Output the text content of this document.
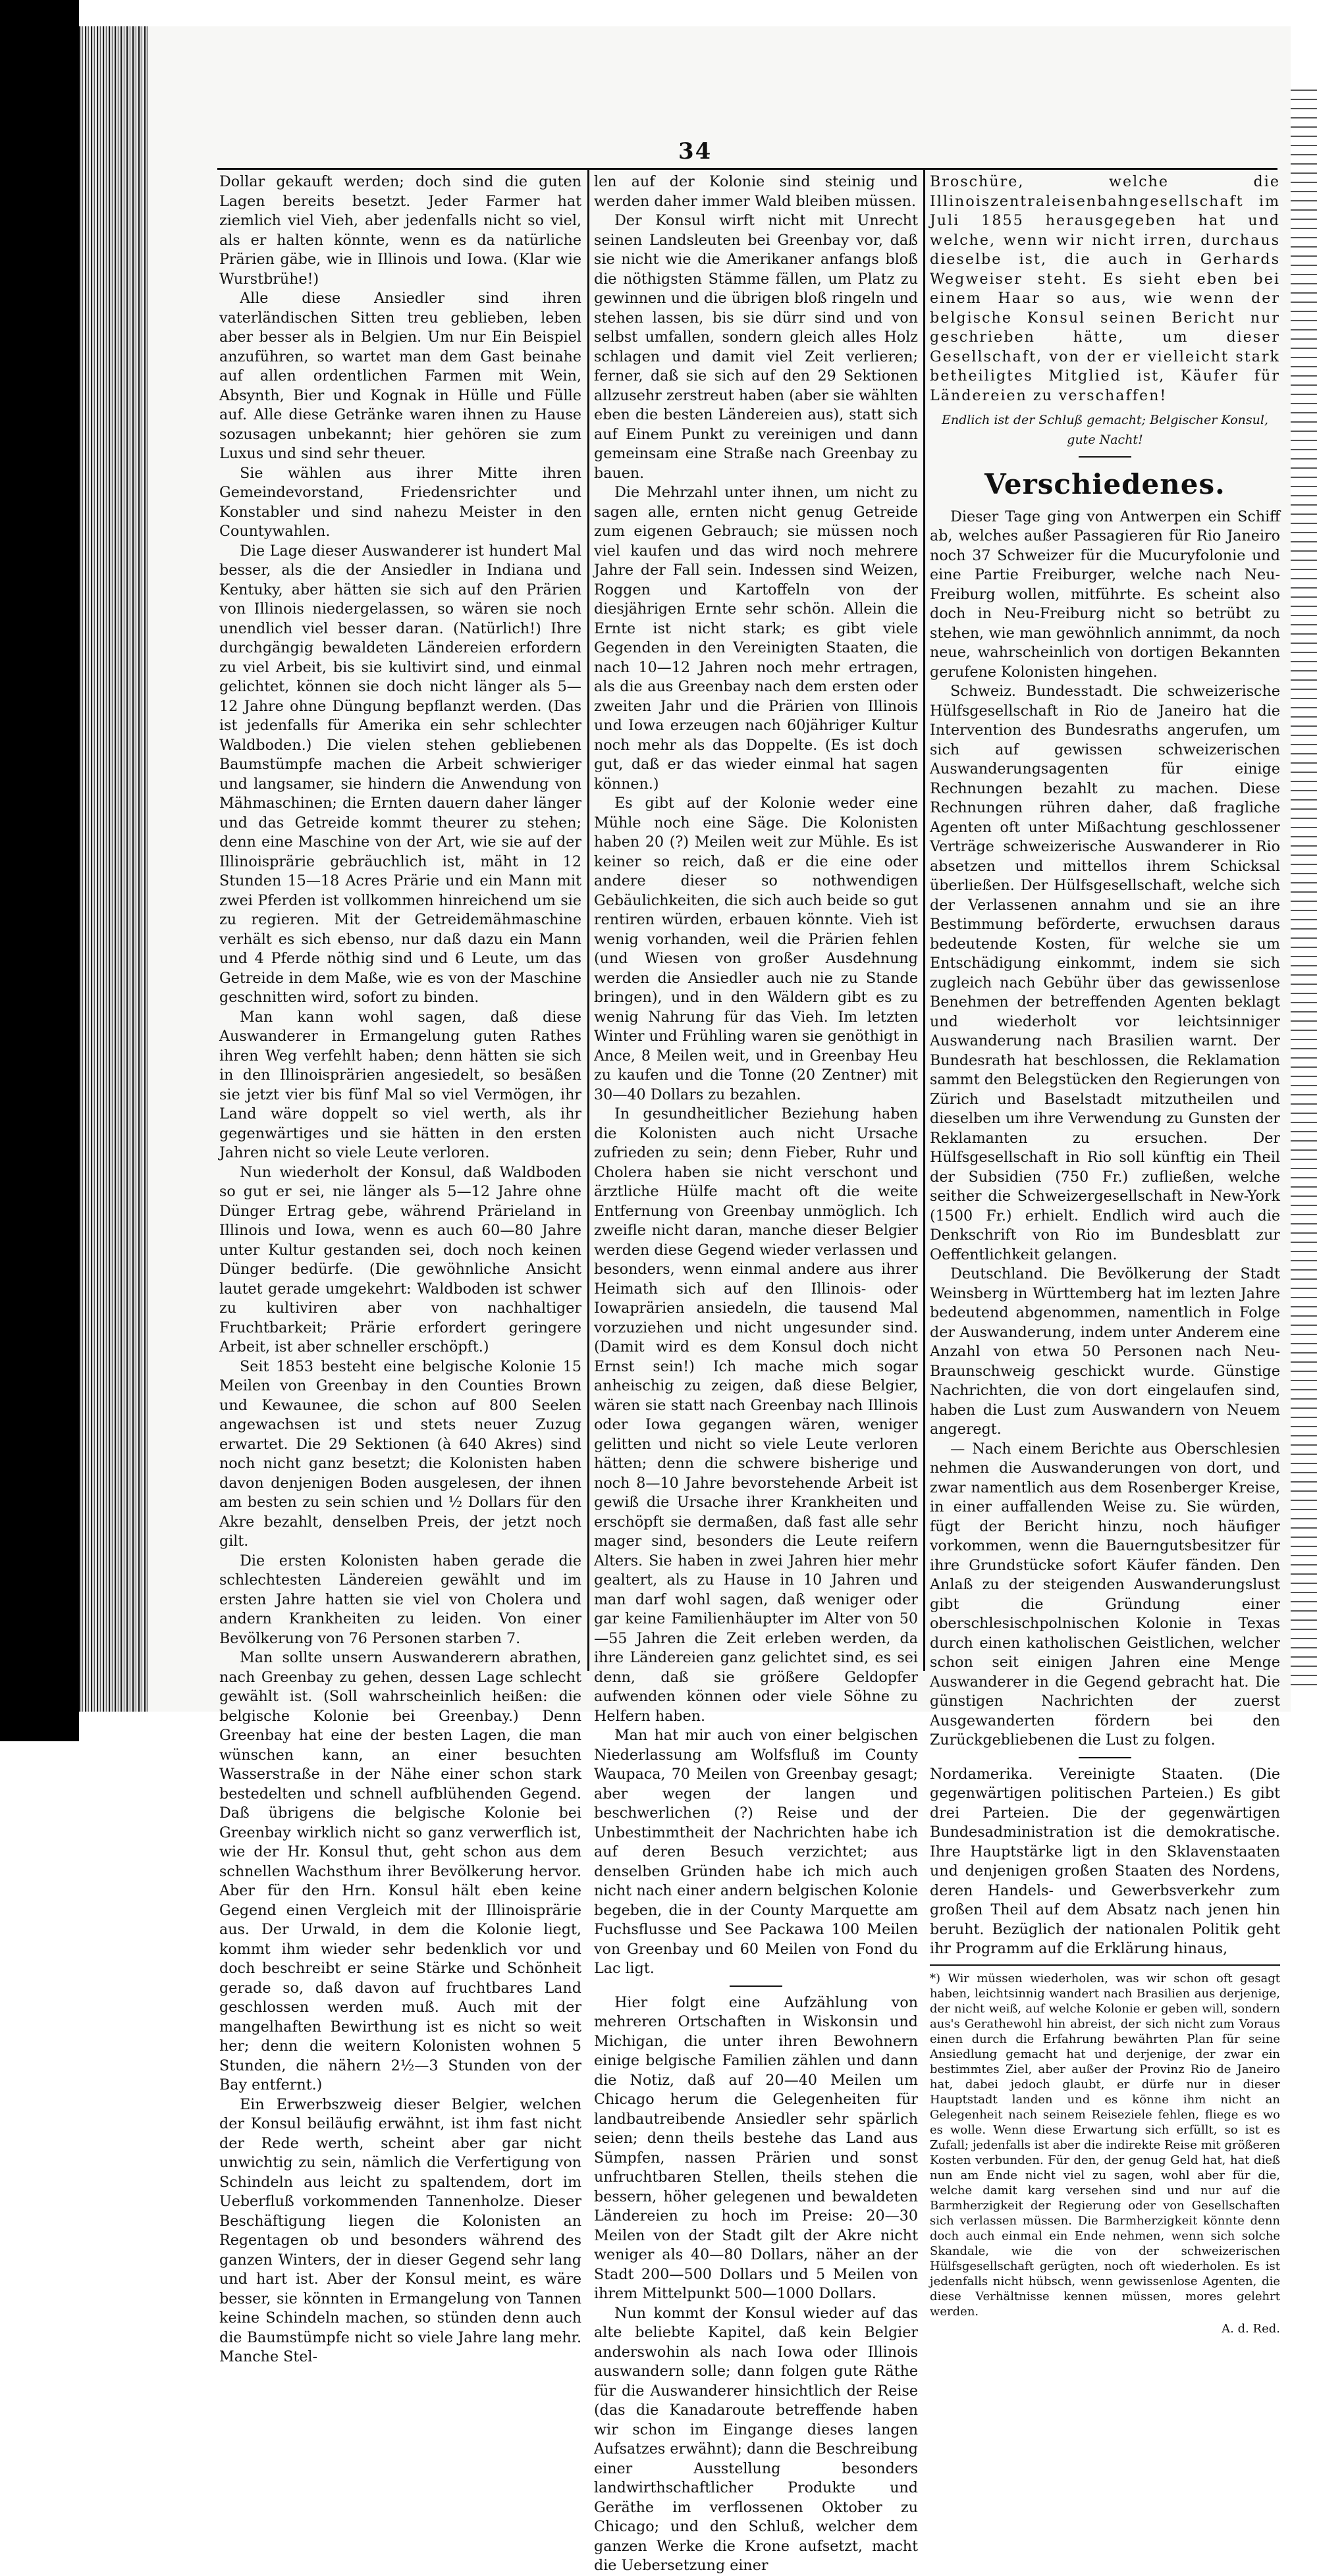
34

Dollar gekauft werden; doch sind die guten Lagen bereits besetzt. Jeder Farmer hat ziemlich viel Vieh, aber jedenfalls nicht so viel, als er halten könnte, wenn es da natürliche Prärien gäbe, wie in Illinois und Iowa. (Klar wie Wurstbrühe!)

Alle diese Ansiedler sind ihren vaterländischen Sitten treu geblieben, leben aber besser als in Belgien. Um nur Ein Beispiel anzuführen, so wartet man dem Gast beinahe auf allen ordentlichen Farmen mit Wein, Absynth, Bier und Kognak in Hülle und Fülle auf. Alle diese Getränke waren ihnen zu Hause sozusagen unbekannt; hier gehören sie zum Luxus und sind sehr theuer.

Sie wählen aus ihrer Mitte ihren Gemeindevorstand, Friedensrichter und Konstabler und sind nahezu Meister in den Countywahlen.

Die Lage dieser Auswanderer ist hundert Mal besser, als die der Ansiedler in Indiana und Kentuky, aber hätten sie sich auf den Prärien von Illinois niedergelassen, so wären sie noch unendlich viel besser daran. (Natürlich!) Ihre durchgängig bewaldeten Ländereien erfordern zu viel Arbeit, bis sie kultivirt sind, und einmal gelichtet, können sie doch nicht länger als 5—12 Jahre ohne Düngung bepflanzt werden. (Das ist jedenfalls für Amerika ein sehr schlechter Waldboden.) Die vielen stehen gebliebenen Baumstümpfe machen die Arbeit schwieriger und langsamer, sie hindern die Anwendung von Mähmaschinen; die Ernten dauern daher länger und das Getreide kommt theurer zu stehen; denn eine Maschine von der Art, wie sie auf der Illinoisprärie gebräuchlich ist, mäht in 12 Stunden 15—18 Acres Prärie und ein Mann mit zwei Pferden ist vollkommen hinreichend um sie zu regieren. Mit der Getreidemähmaschine verhält es sich ebenso, nur daß dazu ein Mann und 4 Pferde nöthig sind und 6 Leute, um das Getreide in dem Maße, wie es von der Maschine geschnitten wird, sofort zu binden.

Man kann wohl sagen, daß diese Auswanderer in Ermangelung guten Rathes ihren Weg verfehlt haben; denn hätten sie sich in den Illinoisprärien angesiedelt, so besäßen sie jetzt vier bis fünf Mal so viel Vermögen, ihr Land wäre doppelt so viel werth, als ihr gegenwärtiges und sie hätten in den ersten Jahren nicht so viele Leute verloren.

Nun wiederholt der Konsul, daß Waldboden so gut er sei, nie länger als 5—12 Jahre ohne Dünger Ertrag gebe, während Prärieland in Illinois und Iowa, wenn es auch 60—80 Jahre unter Kultur gestanden sei, doch noch keinen Dünger bedürfe. (Die gewöhnliche Ansicht lautet gerade umgekehrt: Waldboden ist schwer zu kultiviren aber von nachhaltiger Fruchtbarkeit; Prärie erfordert geringere Arbeit, ist aber schneller erschöpft.)

Seit 1853 besteht eine belgische Kolonie 15 Meilen von Greenbay in den Counties Brown und Kewaunee, die schon auf 800 Seelen angewachsen ist und stets neuer Zuzug erwartet. Die 29 Sektionen (à 640 Akres) sind noch nicht ganz besetzt; die Kolonisten haben davon denjenigen Boden ausgelesen, der ihnen am besten zu sein schien und ½ Dollars für den Akre bezahlt, denselben Preis, der jetzt noch gilt.

Die ersten Kolonisten haben gerade die schlechtesten Ländereien gewählt und im ersten Jahre hatten sie viel von Cholera und andern Krankheiten zu leiden. Von einer Bevölkerung von 76 Personen starben 7.

Man sollte unsern Auswanderern abrathen, nach Greenbay zu gehen, dessen Lage schlecht gewählt ist. (Soll wahrscheinlich heißen: die belgische Kolonie bei Greenbay.) Denn Greenbay hat eine der besten Lagen, die man wünschen kann, an einer besuchten Wasserstraße in der Nähe einer schon stark bestedelten und schnell aufblühenden Gegend. Daß übrigens die belgische Kolonie bei Greenbay wirklich nicht so ganz verwerflich ist, wie der Hr. Konsul thut, geht schon aus dem schnellen Wachsthum ihrer Bevölkerung hervor. Aber für den Hrn. Konsul hält eben keine Gegend einen Vergleich mit der Illinoisprärie aus. Der Urwald, in dem die Kolonie liegt, kommt ihm wieder sehr bedenklich vor und doch beschreibt er seine Stärke und Schönheit gerade so, daß davon auf fruchtbares Land geschlossen werden muß. Auch mit der mangelhaften Bewirthung ist es nicht so weit her; denn die weitern Kolonisten wohnen 5 Stunden, die nähern 2½—3 Stunden von der Bay entfernt.)

Ein Erwerbszweig dieser Belgier, welchen der Konsul beiläufig erwähnt, ist ihm fast nicht der Rede werth, scheint aber gar nicht unwichtig zu sein, nämlich die Verfertigung von Schindeln aus leicht zu spaltendem, dort im Ueberfluß vorkommenden Tannenholze. Dieser Beschäftigung liegen die Kolonisten an Regentagen ob und besonders während des ganzen Winters, der in dieser Gegend sehr lang und hart ist. Aber der Konsul meint, es wäre besser, sie könnten in Ermangelung von Tannen keine Schindeln machen, so stünden denn auch die Baumstümpfe nicht so viele Jahre lang mehr. Manche Stel-

len auf der Kolonie sind steinig und werden daher immer Wald bleiben müssen.

Der Konsul wirft nicht mit Unrecht seinen Landsleuten bei Greenbay vor, daß sie nicht wie die Amerikaner anfangs bloß die nöthigsten Stämme fällen, um Platz zu gewinnen und die übrigen bloß ringeln und stehen lassen, bis sie dürr sind und von selbst umfallen, sondern gleich alles Holz schlagen und damit viel Zeit verlieren; ferner, daß sie sich auf den 29 Sektionen allzusehr zerstreut haben (aber sie wählten eben die besten Ländereien aus), statt sich auf Einem Punkt zu vereinigen und dann gemeinsam eine Straße nach Greenbay zu bauen.

Die Mehrzahl unter ihnen, um nicht zu sagen alle, ernten nicht genug Getreide zum eigenen Gebrauch; sie müssen noch viel kaufen und das wird noch mehrere Jahre der Fall sein. Indessen sind Weizen, Roggen und Kartoffeln von der diesjährigen Ernte sehr schön. Allein die Ernte ist nicht stark; es gibt viele Gegenden in den Vereinigten Staaten, die nach 10—12 Jahren noch mehr ertragen, als die aus Greenbay nach dem ersten oder zweiten Jahr und die Prärien von Illinois und Iowa erzeugen nach 60jähriger Kultur noch mehr als das Doppelte. (Es ist doch gut, daß er das wieder einmal hat sagen können.)

Es gibt auf der Kolonie weder eine Mühle noch eine Säge. Die Kolonisten haben 20 (?) Meilen weit zur Mühle. Es ist keiner so reich, daß er die eine oder andere dieser so nothwendigen Gebäulichkeiten, die sich auch beide so gut rentiren würden, erbauen könnte. Vieh ist wenig vorhanden, weil die Prärien fehlen (und Wiesen von großer Ausdehnung werden die Ansiedler auch nie zu Stande bringen), und in den Wäldern gibt es zu wenig Nahrung für das Vieh. Im letzten Winter und Frühling waren sie genöthigt in Ance, 8 Meilen weit, und in Greenbay Heu zu kaufen und die Tonne (20 Zentner) mit 30—40 Dollars zu bezahlen.

In gesundheitlicher Beziehung haben die Kolonisten auch nicht Ursache zufrieden zu sein; denn Fieber, Ruhr und Cholera haben sie nicht verschont und ärztliche Hülfe macht oft die weite Entfernung von Greenbay unmöglich. Ich zweifle nicht daran, manche dieser Belgier werden diese Gegend wieder verlassen und besonders, wenn einmal andere aus ihrer Heimath sich auf den Illinois- oder Iowaprärien ansiedeln, die tausend Mal vorzuziehen und nicht ungesunder sind. (Damit wird es dem Konsul doch nicht Ernst sein!) Ich mache mich sogar anheischig zu zeigen, daß diese Belgier, wären sie statt nach Greenbay nach Illinois oder Iowa gegangen wären, weniger gelitten und nicht so viele Leute verloren hätten; denn die schwere bisherige und noch 8—10 Jahre bevorstehende Arbeit ist gewiß die Ursache ihrer Krankheiten und erschöpft sie dermaßen, daß fast alle sehr mager sind, besonders die Leute reifern Alters. Sie haben in zwei Jahren hier mehr gealtert, als zu Hause in 10 Jahren und man darf wohl sagen, daß weniger oder gar keine Familienhäupter im Alter von 50—55 Jahren die Zeit erleben werden, da ihre Ländereien ganz gelichtet sind, es sei denn, daß sie größere Geldopfer aufwenden können oder viele Söhne zu Helfern haben.

Man hat mir auch von einer belgischen Niederlassung am Wolfsfluß im County Waupaca, 70 Meilen von Greenbay gesagt; aber wegen der langen und beschwerlichen (?) Reise und der Unbestimmtheit der Nachrichten habe ich auf deren Besuch verzichtet; aus denselben Gründen habe ich mich auch nicht nach einer andern belgischen Kolonie begeben, die in der County Marquette am Fuchsflusse und See Packawa 100 Meilen von Greenbay und 60 Meilen von Fond du Lac ligt.

Hier folgt eine Aufzählung von mehreren Ortschaften in Wiskonsin und Michigan, die unter ihren Bewohnern einige belgische Familien zählen und dann die Notiz, daß auf 20—40 Meilen um Chicago herum die Gelegenheiten für landbautreibende Ansiedler sehr spärlich seien; denn theils bestehe das Land aus Sümpfen, nassen Prärien und sonst unfruchtbaren Stellen, theils stehen die bessern, höher gelegenen und bewaldeten Ländereien zu hoch im Preise: 20—30 Meilen von der Stadt gilt der Akre nicht weniger als 40—80 Dollars, näher an der Stadt 200—500 Dollars und 5 Meilen von ihrem Mittelpunkt 500—1000 Dollars.

Nun kommt der Konsul wieder auf das alte beliebte Kapitel, daß kein Belgier anderswohin als nach Iowa oder Illinois auswandern solle; dann folgen gute Räthe für die Auswanderer hinsichtlich der Reise (das die Kanadaroute betreffende haben wir schon im Eingange dieses langen Aufsatzes erwähnt); dann die Beschreibung einer Ausstellung besonders landwirthschaftlicher Produkte und Geräthe im verflossenen Oktober zu Chicago; und den Schluß, welcher dem ganzen Werke die Krone aufsetzt, macht die Uebersetzung einer

Broschüre, welche die Illinoiszentraleisenbahngesellschaft im Juli 1855 herausgegeben hat und welche, wenn wir nicht irren, durchaus dieselbe ist, die auch in Gerhards Wegweiser steht. Es sieht eben bei einem Haar so aus, wie wenn der belgische Konsul seinen Bericht nur geschrieben hätte, um dieser Gesellschaft, von der er vielleicht stark betheiligtes Mitglied ist, Käufer für Ländereien zu verschaffen!

Endlich ist der Schluß gemacht; Belgischer Konsul, gute Nacht!
Verschiedenes.

Dieser Tage ging von Antwerpen ein Schiff ab, welches außer Passagieren für Rio Janeiro noch 37 Schweizer für die Mucuryfolonie und eine Partie Freiburger, welche nach Neu-Freiburg wollen, mitführte. Es scheint also doch in Neu-Freiburg nicht so betrübt zu stehen, wie man gewöhnlich annimmt, da noch neue, wahrscheinlich von dortigen Bekannten gerufene Kolonisten hingehen.

Schweiz. Bundesstadt. Die schweizerische Hülfsgesellschaft in Rio de Janeiro hat die Intervention des Bundesraths angerufen, um sich auf gewissen schweizerischen Auswanderungsagenten für einige Rechnungen bezahlt zu machen. Diese Rechnungen rühren daher, daß fragliche Agenten oft unter Mißachtung geschlossener Verträge schweizerische Auswanderer in Rio absetzen und mittellos ihrem Schicksal überließen. Der Hülfsgesellschaft, welche sich der Verlassenen annahm und sie an ihre Bestimmung beförderte, erwuchsen daraus bedeutende Kosten, für welche sie um Entschädigung einkommt, indem sie sich zugleich nach Gebühr über das gewissenlose Benehmen der betreffenden Agenten beklagt und wiederholt vor leichtsinniger Auswanderung nach Brasilien warnt. Der Bundesrath hat beschlossen, die Reklamation sammt den Belegstücken den Regierungen von Zürich und Baselstadt mitzutheilen und dieselben um ihre Verwendung zu Gunsten der Reklamanten zu ersuchen. Der Hülfsgesellschaft in Rio soll künftig ein Theil der Subsidien (750 Fr.) zufließen, welche seither die Schweizergesellschaft in New-York (1500 Fr.) erhielt. Endlich wird auch die Denkschrift von Rio im Bundesblatt zur Oeffentlichkeit gelangen.

Deutschland. Die Bevölkerung der Stadt Weinsberg in Württemberg hat im lezten Jahre bedeutend abgenommen, namentlich in Folge der Auswanderung, indem unter Anderem eine Anzahl von etwa 50 Personen nach Neu-Braunschweig geschickt wurde. Günstige Nachrichten, die von dort eingelaufen sind, haben die Lust zum Auswandern von Neuem angeregt.

— Nach einem Berichte aus Oberschlesien nehmen die Auswanderungen von dort, und zwar namentlich aus dem Rosenberger Kreise, in einer auffallenden Weise zu. Sie würden, fügt der Bericht hinzu, noch häufiger vorkommen, wenn die Bauerngutsbesitzer für ihre Grundstücke sofort Käufer fänden. Den Anlaß zu der steigenden Auswanderungslust gibt die Gründung einer oberschlesischpolnischen Kolonie in Texas durch einen katholischen Geistlichen, welcher schon seit einigen Jahren eine Menge Auswanderer in die Gegend gebracht hat. Die günstigen Nachrichten der zuerst Ausgewanderten fördern bei den Zurückgebliebenen die Lust zu folgen.

Nordamerika. Vereinigte Staaten. (Die gegenwärtigen politischen Parteien.) Es gibt drei Parteien. Die der gegenwärtigen Bundesadministration ist die demokratische. Ihre Hauptstärke ligt in den Sklavenstaaten und denjenigen großen Staaten des Nordens, deren Handels- und Gewerbsverkehr zum großen Theil auf dem Absatz nach jenen hin beruht. Bezüglich der nationalen Politik geht ihr Programm auf die Erklärung hinaus,

*) Wir müssen wiederholen, was wir schon oft gesagt haben, leichtsinnig wandert nach Brasilien aus derjenige, der nicht weiß, auf welche Kolonie er geben will, sondern aus's Gerathewohl hin abreist, der sich nicht zum Voraus einen durch die Erfahrung bewährten Plan für seine Ansiedlung gemacht hat und derjenige, der zwar ein bestimmtes Ziel, aber außer der Provinz Rio de Janeiro hat, dabei jedoch glaubt, er dürfe nur in dieser Hauptstadt landen und es könne ihm nicht an Gelegenheit nach seinem Reiseziele fehlen, fliege es wo es wolle. Wenn diese Erwartung sich erfüllt, so ist es Zufall; jedenfalls ist aber die indirekte Reise mit größeren Kosten verbunden. Für den, der genug Geld hat, hat dieß nun am Ende nicht viel zu sagen, wohl aber für die, welche damit karg versehen sind und nur auf die Barmherzigkeit der Regierung oder von Gesellschaften sich verlassen müssen. Die Barmherzigkeit könnte denn doch auch einmal ein Ende nehmen, wenn sich solche Skandale, wie die von der schweizerischen Hülfsgesellschaft gerügten, noch oft wiederholen. Es ist jedenfalls nicht hübsch, wenn gewissenlose Agenten, die diese Verhältnisse kennen müssen, mores gelehrt werden.
A. d. Red.
